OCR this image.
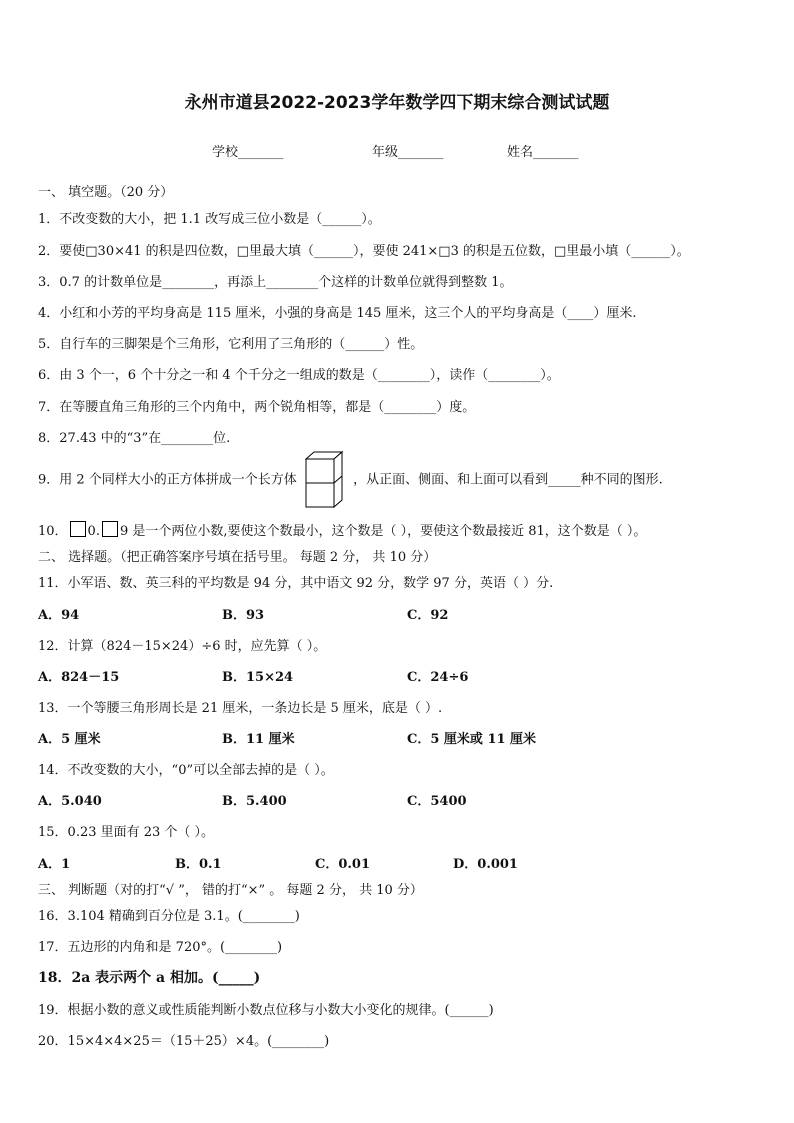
永州市道县2022-2023学年数学四下期末综合测试试题
学校_______	年级_______	姓名_______
一、 填空题。（20 分）
1．不改变数的大小，把 1.1 改写成三位小数是（______）。
2．要使□30×41 的积是四位数，□里最大填（______），要使 241×□3 的积是五位数，□里最小填（______）。
3．0.7 的计数单位是________，再添上________个这样的计数单位就得到整数 1。
4．小红和小芳的平均身高是 115 厘米，小强的身高是 145 厘米，这三个人的平均身高是（____）厘米.
5．自行车的三脚架是个三角形，它利用了三角形的（______）性。
6．由 3 个一，6 个十分之一和 4 个千分之一组成的数是（________），读作（________）。
7．在等腰直角三角形的三个内角中，两个锐角相等，都是（________）度。
8．27.43 中的“3”在________位.
9．用 2 个同样大小的正方体拼成一个长方体	，从正面、侧面、和上面可以看到_____种不同的图形.
10． 0. 9 是一个两位小数,要使这个数最小，这个数是（ ），要使这个数最接近 81，这个数是（ ）。
二、 选择题。（把正确答案序号填在括号里。 每题 2 分， 共 10 分）
11．小军语、数、英三科的平均数是 94 分，其中语文 92 分，数学 97 分，英语（ ）分.
A．94	B．93	C．92
12．计算（824－15×24）÷6 时，应先算（ ）。
A．824－15	B．15×24	C．24÷6
13．一个等腰三角形周长是 21 厘米，一条边长是 5 厘米，底是（ ）.
A．5 厘米	B．11 厘米	C．5 厘米或 11 厘米
14．不改变数的大小，“0”可以全部去掉的是（ ）。
A．5.040	B．5.400	C．5400
15．0.23 里面有 23 个（ ）。
A．1	B．0.1	C．0.01	D．0.001
三、 判断题（对的打“√ ”， 错的打“×” 。 每题 2 分， 共 10 分）
16．3.104 精确到百分位是 3.1。(________)
17．五边形的内角和是 720°。(________)
18．2a 表示两个 a 相加。(_____)
19．根据小数的意义或性质能判断小数点位移与小数大小变化的规律。(______)
20．15×4×4×25＝（15＋25）×4。(________)
